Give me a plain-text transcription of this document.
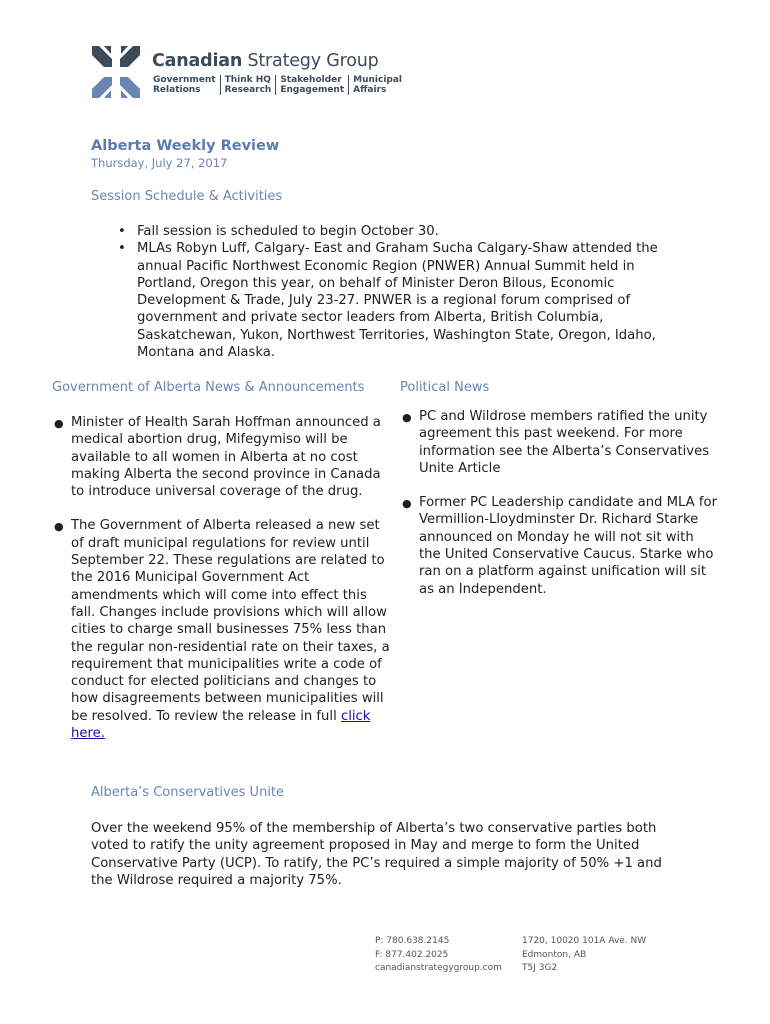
Canadian Strategy Group
Government
Relations
Think HQ
Research
Stakeholder
Engagement
Municipal
Affairs
Alberta Weekly Review
Thursday, July 27, 2017
Session Schedule & Activities
• Fall session is scheduled to begin October 30.
• MLAs Robyn Luff, Calgary- East and Graham Sucha Calgary-Shaw attended the annual Pacific Northwest Economic Region (PNWER) Annual Summit held in Portland, Oregon this year, on behalf of Minister Deron Bilous, Economic Development & Trade, July 23-27. PNWER is a regional forum comprised of government and private sector leaders from Alberta, British Columbia, Saskatchewan, Yukon, Northwest Territories, Washington State, Oregon, Idaho, Montana and Alaska.
Government of Alberta News & Announcements
● Minister of Health Sarah Hoffman announced a medical abortion drug, Mifegymiso will be available to all women in Alberta at no cost making Alberta the second province in Canada to introduce universal coverage of the drug.
● The Government of Alberta released a new set of draft municipal regulations for review until September 22. These regulations are related to the 2016 Municipal Government Act amendments which will come into effect this fall. Changes include provisions which will allow cities to charge small businesses 75% less than the regular non-residential rate on their taxes, a requirement that municipalities write a code of conduct for elected politicians and changes to how disagreements between municipalities will be resolved. To review the release in full click here.
Political News
● PC and Wildrose members ratified the unity agreement this past weekend. For more information see the Alberta’s Conservatives Unite Article
● Former PC Leadership candidate and MLA for Vermillion-Lloydminster Dr. Richard Starke announced on Monday he will not sit with the United Conservative Caucus. Starke who ran on a platform against unification will sit as an Independent.
Alberta’s Conservatives Unite
Over the weekend 95% of the membership of Alberta’s two conservative parties both voted to ratify the unity agreement proposed in May and merge to form the United Conservative Party (UCP). To ratify, the PC’s required a simple majority of 50% +1 and the Wildrose required a majority 75%.
P: 780.638.2145
F: 877.402.2025
canadianstrategygroup.com
1720, 10020 101A Ave. NW
Edmonton, AB
T5J 3G2
